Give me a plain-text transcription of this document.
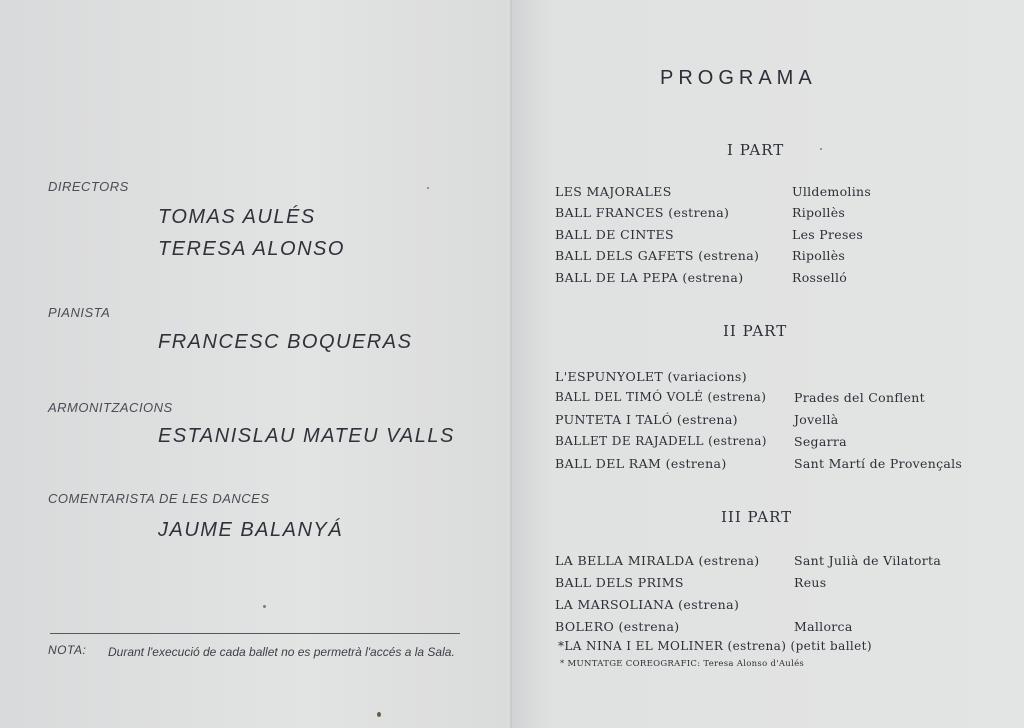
DIRECTORS
TOMAS AULÉS
TERESA ALONSO
PIANISTA
FRANCESC BOQUERAS
ARMONITZACIONS
ESTANISLAU MATEU VALLS
COMENTARISTA DE LES DANCES
JAUME BALANYÁ
NOTA: Durant l'execució de cada ballet no es permetrà l'accés a la Sala.
PROGRAMA
I PART
LES MAJORALES	Ulldemolins
BALL FRANCES (estrena)	Ripollès
BALL DE CINTES	Les Preses
BALL DELS GAFETS (estrena)	Ripollès
BALL DE LA PEPA (estrena)	Rosselló
II PART
L'ESPUNYOLET (variacions)
BALL DEL TIMÓ VOLÉ (estrena) Prades del Conflent
PUNTETA I TALÓ (estrena)	Jovellà
BALLET DE RAJADELL (estrena) Segarra
BALL DEL RAM (estrena)	Sant Martí de Provençals
III PART
LA BELLA MIRALDA (estrena)	Sant Julià de Vilatorta
BALL DELS PRIMS	Reus
LA MARSOLIANA (estrena)
BOLERO (estrena)	Mallorca
*LA NINA I EL MOLINER (estrena) (petit ballet)
* MUNTATGE COREOGRAFIC: Teresa Alonso d'Aulés
